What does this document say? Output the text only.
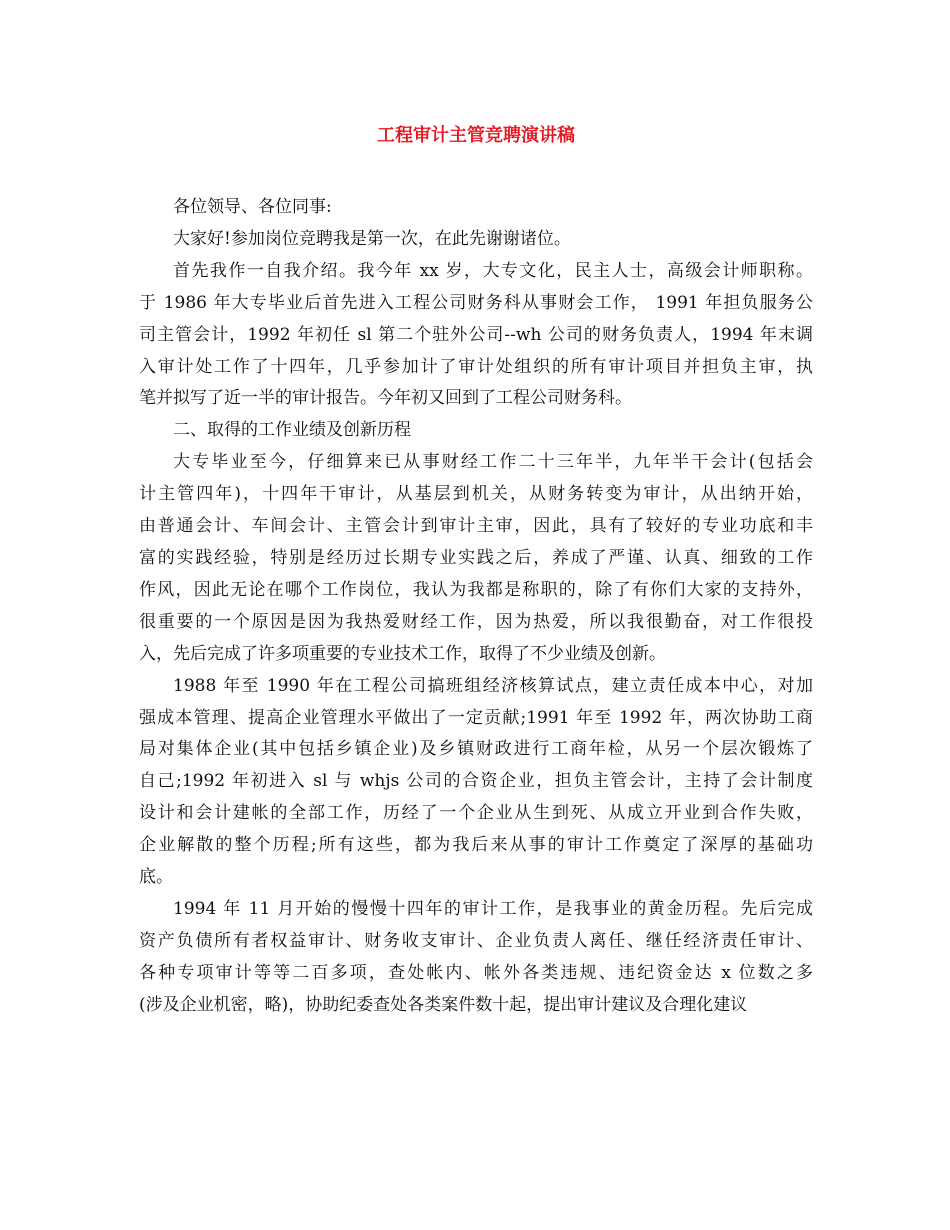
工程审计主管竞聘演讲稿

各位领导、各位同事:

大家好!参加岗位竞聘我是第一次，在此先谢谢诸位。

首先我作一自我介绍。我今年 xx 岁，大专文化，民主人士，高级会计师职称。
于 1986 年大专毕业后首先进入工程公司财务科从事财会工作， 1991 年担负服务公
司主管会计，1992 年初任 sl 第二个驻外公司--wh 公司的财务负责人，1994 年末调
入审计处工作了十四年，几乎参加计了审计处组织的所有审计项目并担负主审，执
笔并拟写了近一半的审计报告。今年初又回到了工程公司财务科。

二、取得的工作业绩及创新历程

大专毕业至今，仔细算来已从事财经工作二十三年半，九年半干会计(包括会
计主管四年)，十四年干审计，从基层到机关，从财务转变为审计，从出纳开始，
由普通会计、车间会计、主管会计到审计主审，因此，具有了较好的专业功底和丰
富的实践经验，特别是经历过长期专业实践之后，养成了严谨、认真、细致的工作
作风，因此无论在哪个工作岗位，我认为我都是称职的，除了有你们大家的支持外，
很重要的一个原因是因为我热爱财经工作，因为热爱，所以我很勤奋，对工作很投
入，先后完成了许多项重要的专业技术工作，取得了不少业绩及创新。

1988 年至 1990 年在工程公司搞班组经济核算试点，建立责任成本中心，对加
强成本管理、提高企业管理水平做出了一定贡献;1991 年至 1992 年，两次协助工商
局对集体企业(其中包括乡镇企业)及乡镇财政进行工商年检，从另一个层次锻炼了
自己;1992 年初进入 sl 与 whjs 公司的合资企业，担负主管会计，主持了会计制度
设计和会计建帐的全部工作，历经了一个企业从生到死、从成立开业到合作失败，
企业解散的整个历程;所有这些，都为我后来从事的审计工作奠定了深厚的基础功
底。

1994 年 11 月开始的慢慢十四年的审计工作，是我事业的黄金历程。先后完成
资产负债所有者权益审计、财务收支审计、企业负责人离任、继任经济责任审计、
各种专项审计等等二百多项，查处帐内、帐外各类违规、违纪资金达 x 位数之多
(涉及企业机密，略)，协助纪委查处各类案件数十起，提出审计建议及合理化建议
